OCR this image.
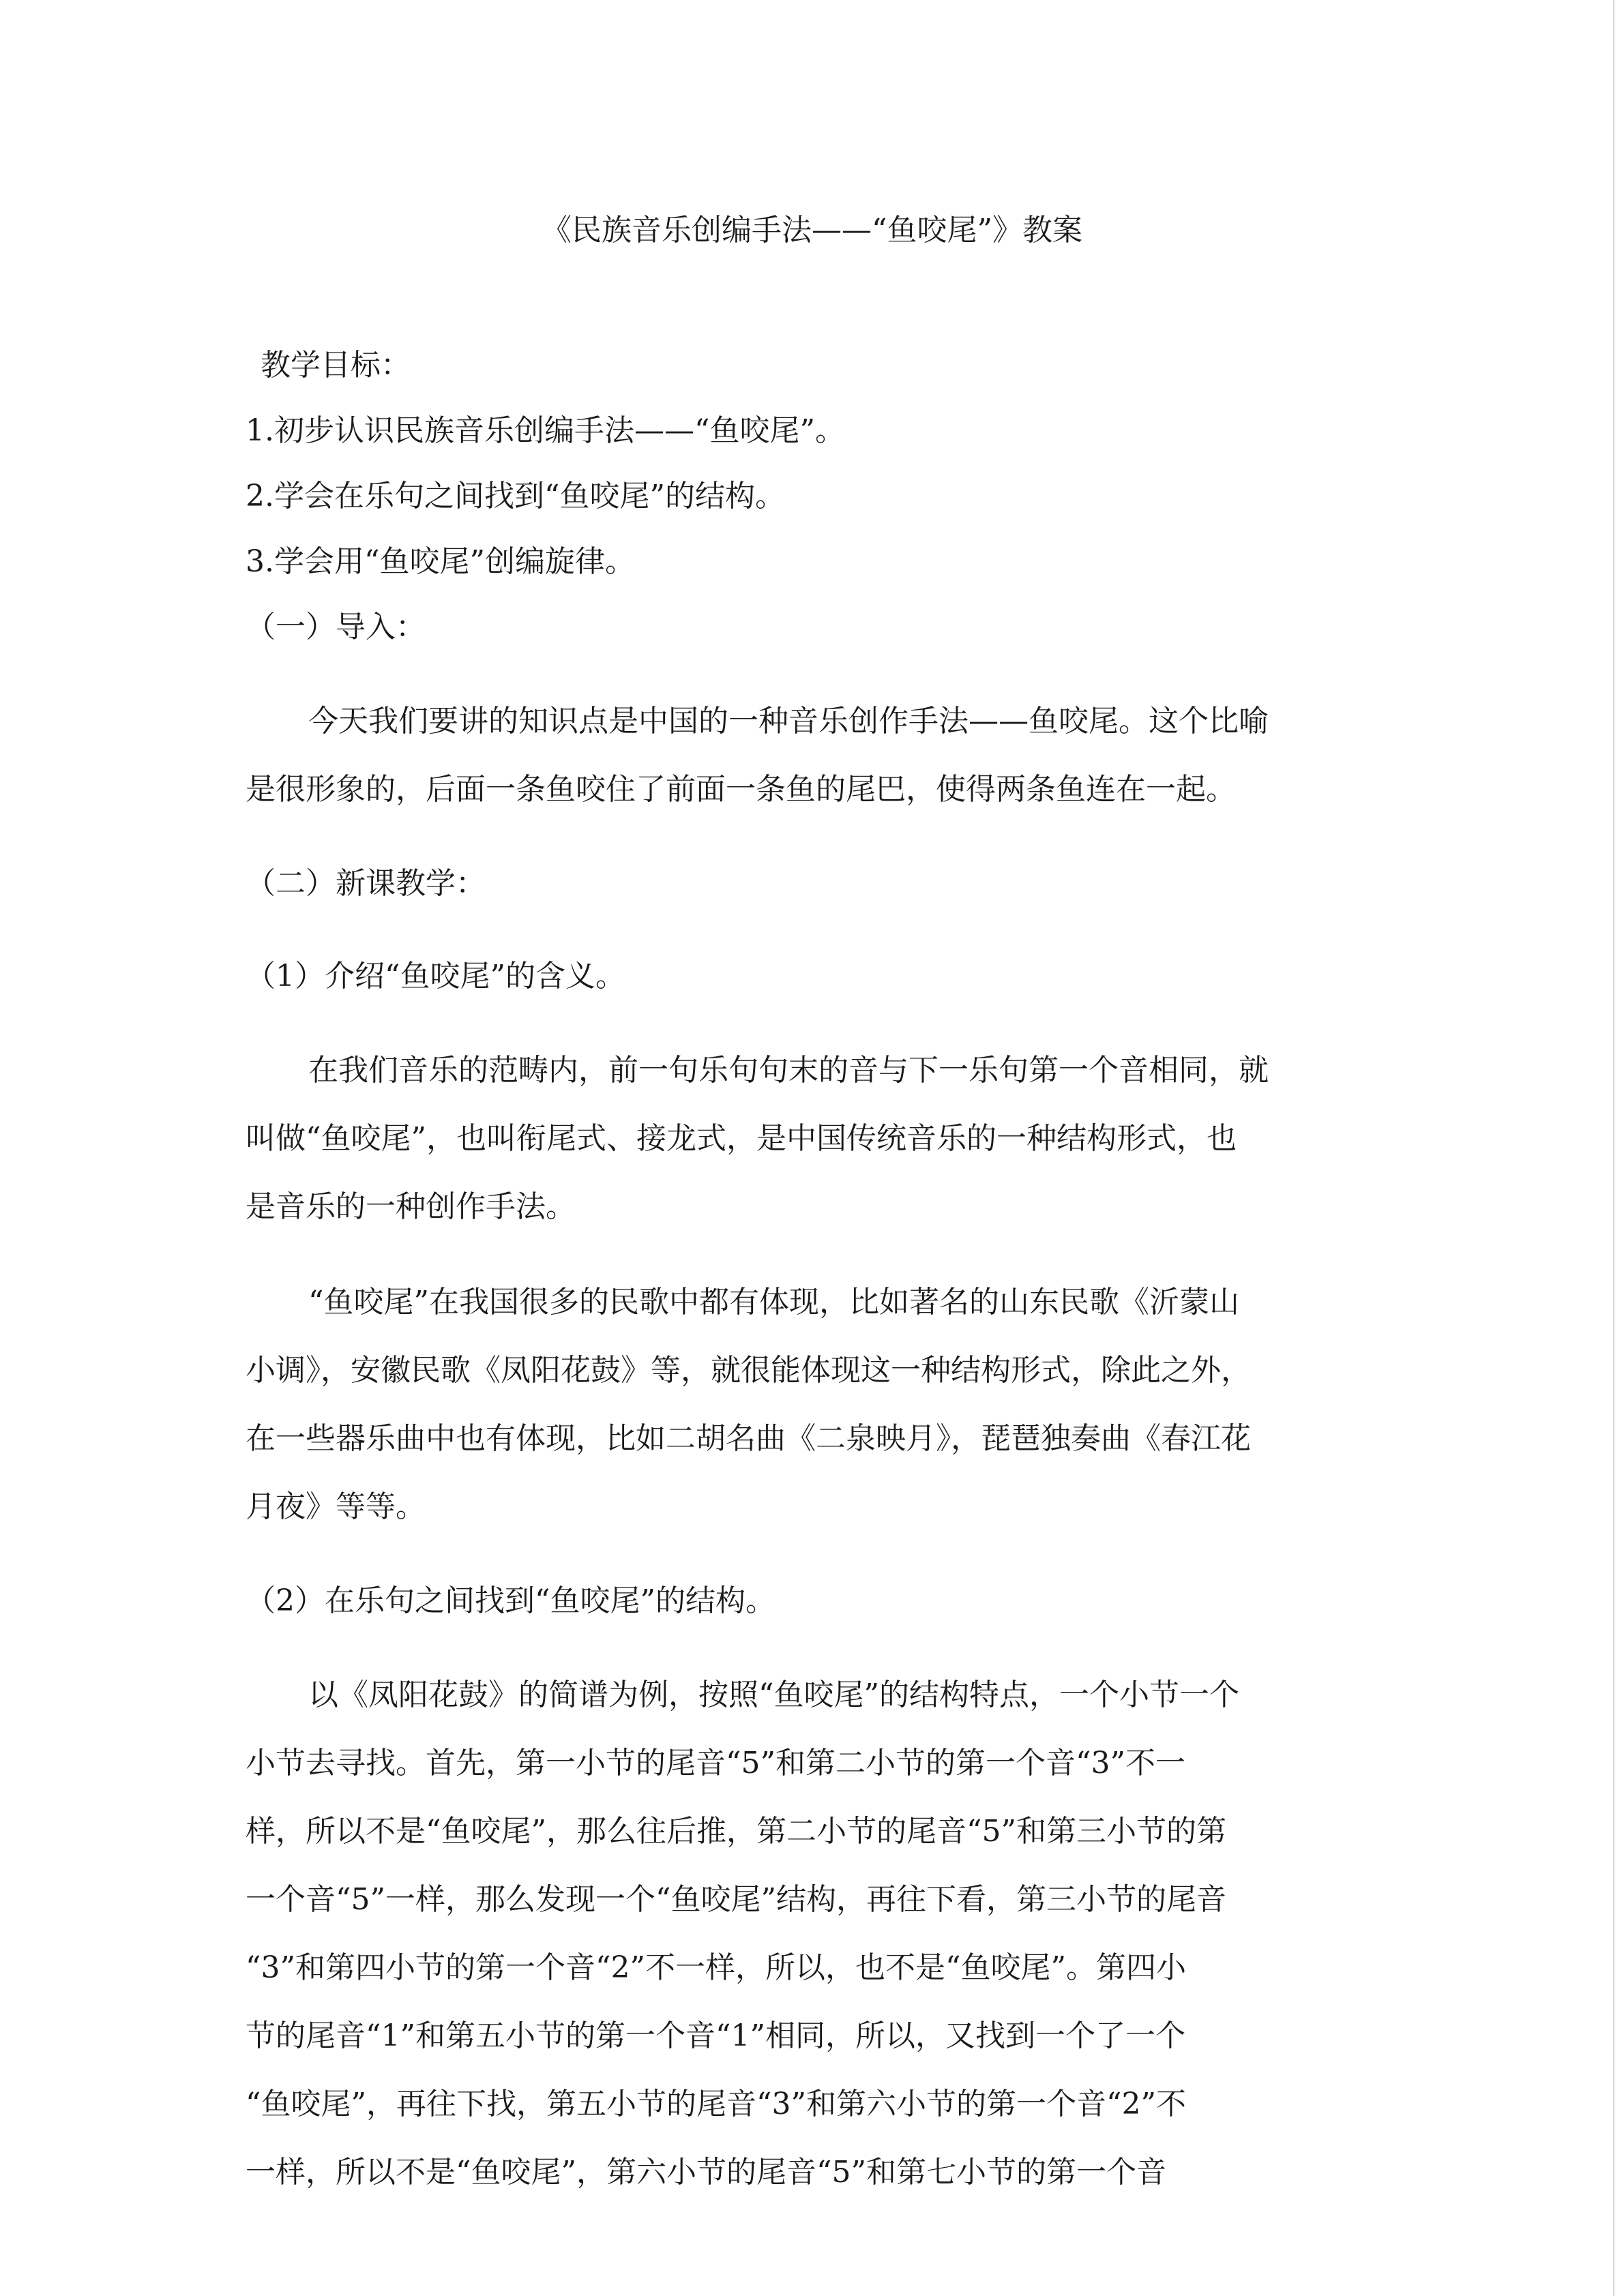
《民族音乐创编手法——“鱼咬尾”》教案
教学目标：
1.初步认识民族音乐创编手法——“鱼咬尾”。
2.学会在乐句之间找到“鱼咬尾”的结构。
3.学会用“鱼咬尾”创编旋律。
（一）导入：
今天我们要讲的知识点是中国的一种音乐创作手法——鱼咬尾。这个比喻
是很形象的，后面一条鱼咬住了前面一条鱼的尾巴，使得两条鱼连在一起。
（二）新课教学：
（1）介绍“鱼咬尾”的含义。
在我们音乐的范畴内，前一句乐句句末的音与下一乐句第一个音相同，就
叫做“鱼咬尾”，也叫衔尾式、接龙式，是中国传统音乐的一种结构形式，也
是音乐的一种创作手法。
“鱼咬尾”在我国很多的民歌中都有体现，比如著名的山东民歌《沂蒙山
小调》，安徽民歌《凤阳花鼓》等，就很能体现这一种结构形式，除此之外，
在一些器乐曲中也有体现，比如二胡名曲《二泉映月》，琵琶独奏曲《春江花
月夜》等等。
（2）在乐句之间找到“鱼咬尾”的结构。
以《凤阳花鼓》的简谱为例，按照“鱼咬尾”的结构特点，一个小节一个
小节去寻找。首先，第一小节的尾音“5”和第二小节的第一个音“3”不一
样，所以不是“鱼咬尾”，那么往后推，第二小节的尾音“5”和第三小节的第
一个音“5”一样，那么发现一个“鱼咬尾”结构，再往下看，第三小节的尾音
“3”和第四小节的第一个音“2”不一样，所以，也不是“鱼咬尾”。第四小
节的尾音“1”和第五小节的第一个音“1”相同，所以，又找到一个了一个
“鱼咬尾”，再往下找，第五小节的尾音“3”和第六小节的第一个音“2”不
一样，所以不是“鱼咬尾”，第六小节的尾音“5”和第七小节的第一个音
